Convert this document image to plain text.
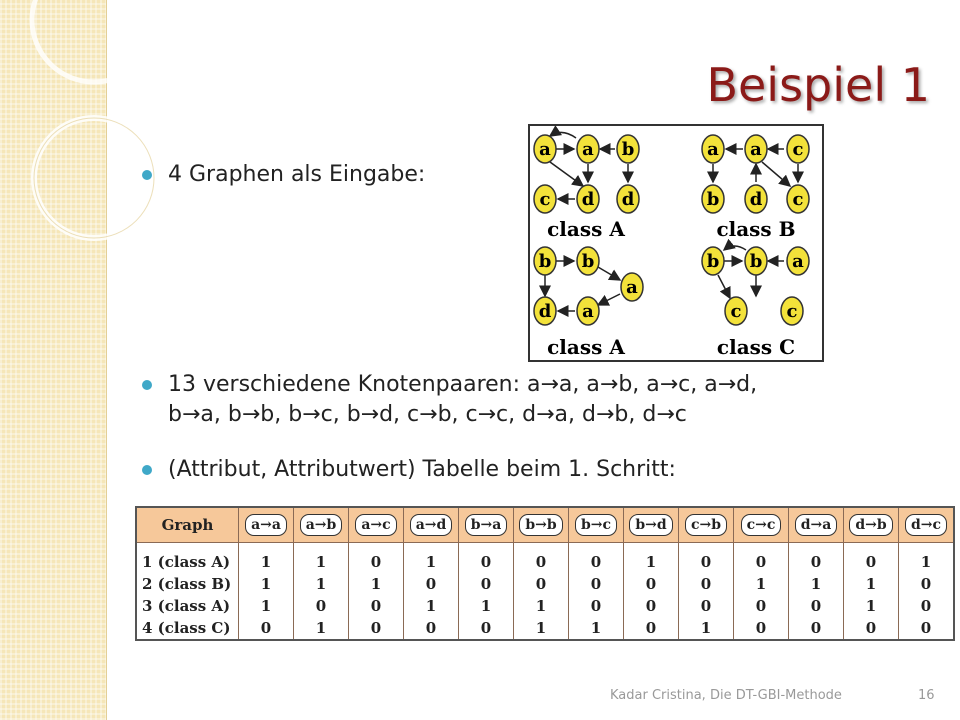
Beispiel 1
4 Graphen als Eingabe:
13 verschiedene Knotenpaaren: a→a, a→b, a→c, a→d,
b→a, b→b, b→c, b→d, c→b, c→c, d→a, d→b, d→c
(Attribut, Attributwert) Tabelle beim 1. Schritt:
a a b
c d d
class A
a a c
b d c
class B
b b
a
d a
class A
b b a
c	c
class C
Graph	a→a	a→b	a→c	a→d	b→a	b→b	b→c	b→d	c→b	c→c	d→a	d→b	d→c
1 (class A)	1	1	0	1	0	0	0	1	0	0	0	0	1
2 (class B)	1	1	1	0	0	0	0	0	0	1	1	1	0
3 (class A)	1	0	0	1	1	1	0	0	0	0	0	1	0
4 (class C)	0	1	0	0	0	1	1	0	1	0	0	0	0
Kadar Cristina, Die DT-GBI-Methode	16
